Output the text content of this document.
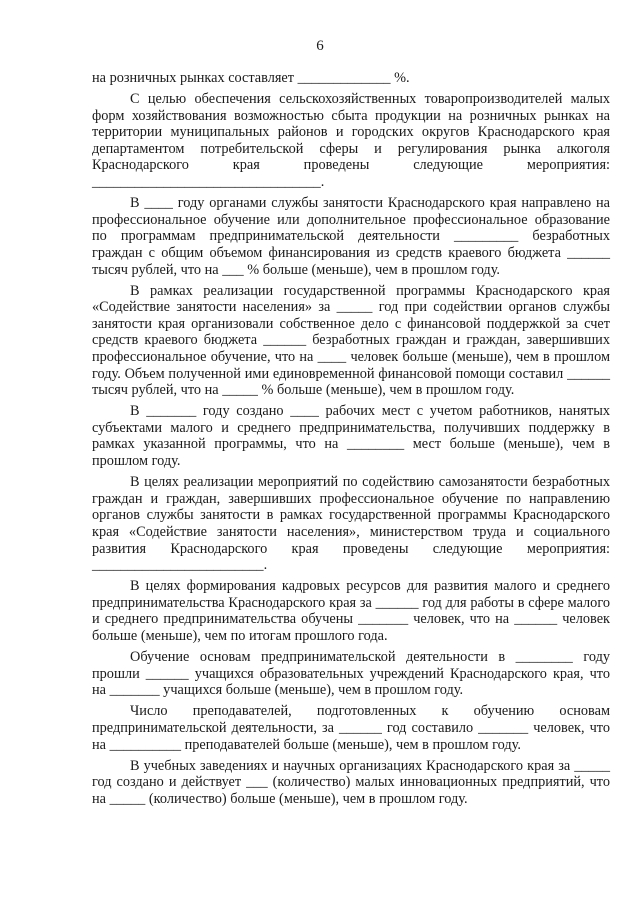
6

на розничных рынках составляет _____________ %.

С целью обеспечения сельскохозяйственных товаропроизводителей малых форм хозяйствования возможностью сбыта продукции на розничных рынках на территории муниципальных районов и городских округов Краснодарского края департаментом потребительской сферы и регулирования рынка алкоголя Краснодарского края проведены следующие мероприятия: ________________________________.

В ____ году органами службы занятости Краснодарского края направлено на профессиональное обучение или дополнительное профессиональное образование по программам предпринимательской деятельности _________ безработных граждан с общим объемом финансирования из средств краевого бюджета ______ тысяч рублей, что на ___ % больше (меньше), чем в прошлом году.

В рамках реализации государственной программы Краснодарского края «Содействие занятости населения» за _____ год при содействии органов службы занятости края организовали собственное дело с финансовой поддержкой за счет средств краевого бюджета ______ безработных граждан и граждан, завершивших профессиональное обучение, что на ____ человек больше (меньше), чем в прошлом году. Объем полученной ими единовременной финансовой помощи составил ______ тысяч рублей, что на _____ % больше (меньше), чем в прошлом году.

В _______ году создано ____ рабочих мест с учетом работников, нанятых субъектами малого и среднего предпринимательства, получивших поддержку в рамках указанной программы, что на ________ мест больше (меньше), чем в прошлом году.

В целях реализации мероприятий по содействию самозанятости безработных граждан и граждан, завершивших профессиональное обучение по направлению органов службы занятости в рамках государственной программы Краснодарского края «Содействие занятости населения», министерством труда и социального развития Краснодарского края проведены следующие мероприятия: ________________________.

В целях формирования кадровых ресурсов для развития малого и среднего предпринимательства Краснодарского края за ______ год для работы в сфере малого и среднего предпринимательства обучены _______ человек, что на ______ человек больше (меньше), чем по итогам прошлого года.

Обучение основам предпринимательской деятельности в ________ году прошли ______ учащихся образовательных учреждений Краснодарского края, что на _______ учащихся больше (меньше), чем в прошлом году.

Число преподавателей, подготовленных к обучению основам предпринимательской деятельности, за ______ год составило _______ человек, что на __________ преподавателей больше (меньше), чем в прошлом году.

В учебных заведениях и научных организациях Краснодарского края за _____ год создано и действует ___ (количество) малых инновационных предприятий, что на _____ (количество) больше (меньше), чем в прошлом году.
